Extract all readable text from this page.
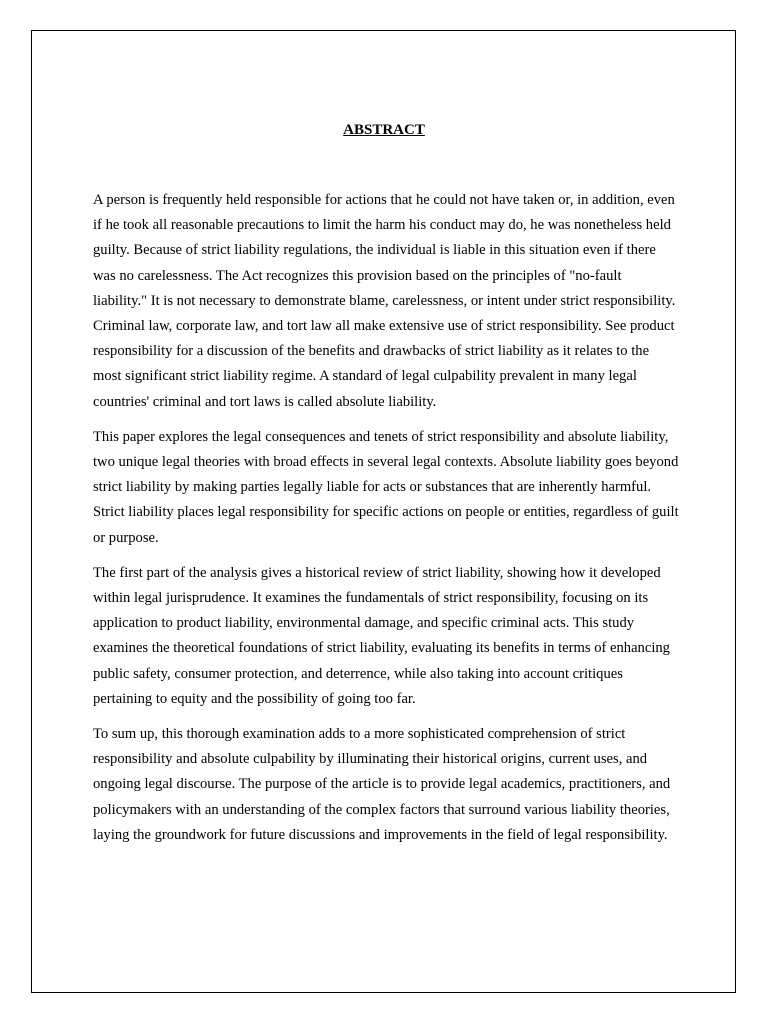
ABSTRACT

A person is frequently held responsible for actions that he could not have taken or, in addition, even if he took all reasonable precautions to limit the harm his conduct may do, he was nonetheless held guilty. Because of strict liability regulations, the individual is liable in this situation even if there was no carelessness. The Act recognizes this provision based on the principles of "no-fault liability." It is not necessary to demonstrate blame, carelessness, or intent under strict responsibility. Criminal law, corporate law, and tort law all make extensive use of strict responsibility. See product responsibility for a discussion of the benefits and drawbacks of strict liability as it relates to the most significant strict liability regime. A standard of legal culpability prevalent in many legal countries' criminal and tort laws is called absolute liability.

This paper explores the legal consequences and tenets of strict responsibility and absolute liability, two unique legal theories with broad effects in several legal contexts. Absolute liability goes beyond strict liability by making parties legally liable for acts or substances that are inherently harmful. Strict liability places legal responsibility for specific actions on people or entities, regardless of guilt or purpose.

The first part of the analysis gives a historical review of strict liability, showing how it developed within legal jurisprudence. It examines the fundamentals of strict responsibility, focusing on its application to product liability, environmental damage, and specific criminal acts. This study examines the theoretical foundations of strict liability, evaluating its benefits in terms of enhancing public safety, consumer protection, and deterrence, while also taking into account critiques pertaining to equity and the possibility of going too far.

To sum up, this thorough examination adds to a more sophisticated comprehension of strict responsibility and absolute culpability by illuminating their historical origins, current uses, and ongoing legal discourse. The purpose of the article is to provide legal academics, practitioners, and policymakers with an understanding of the complex factors that surround various liability theories, laying the groundwork for future discussions and improvements in the field of legal responsibility.
